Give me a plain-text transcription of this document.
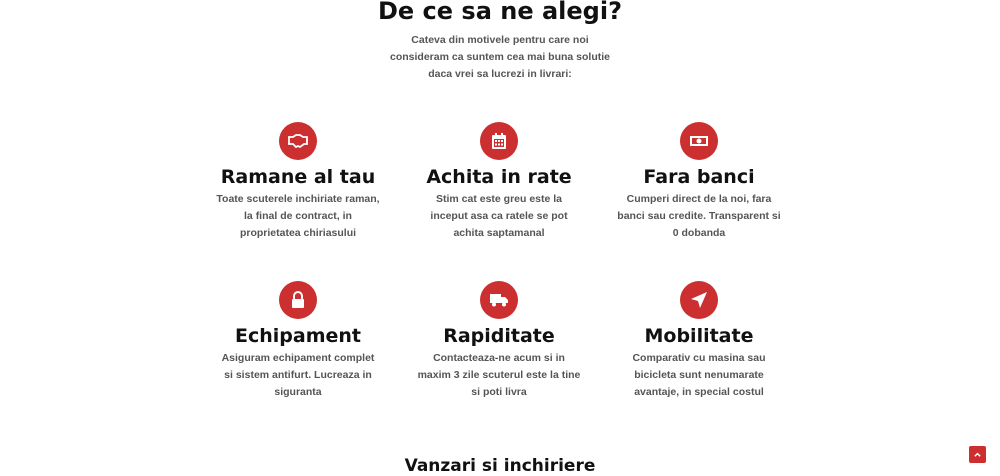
De ce sa ne alegi?
Cateva din motivele pentru care noi consideram ca suntem cea mai buna solutie daca vrei sa lucrezi in livrari:
Ramane al tau
Toate scuterele inchiriate raman, la final de contract, in proprietatea chiriasului
Achita in rate
Stim cat este greu este la inceput asa ca ratele se pot achita saptamanal
Fara banci
Cumperi direct de la noi, fara banci sau credite. Transparent si 0 dobanda
Echipament
Asiguram echipament complet si sistem antifurt. Lucreaza in siguranta
Rapiditate
Contacteaza-ne acum si in maxim 3 zile scuterul este la tine si poti livra
Mobilitate
Comparativ cu masina sau bicicleta sunt nenumarate avantaje, in special costul
Vanzari si inchiriere
